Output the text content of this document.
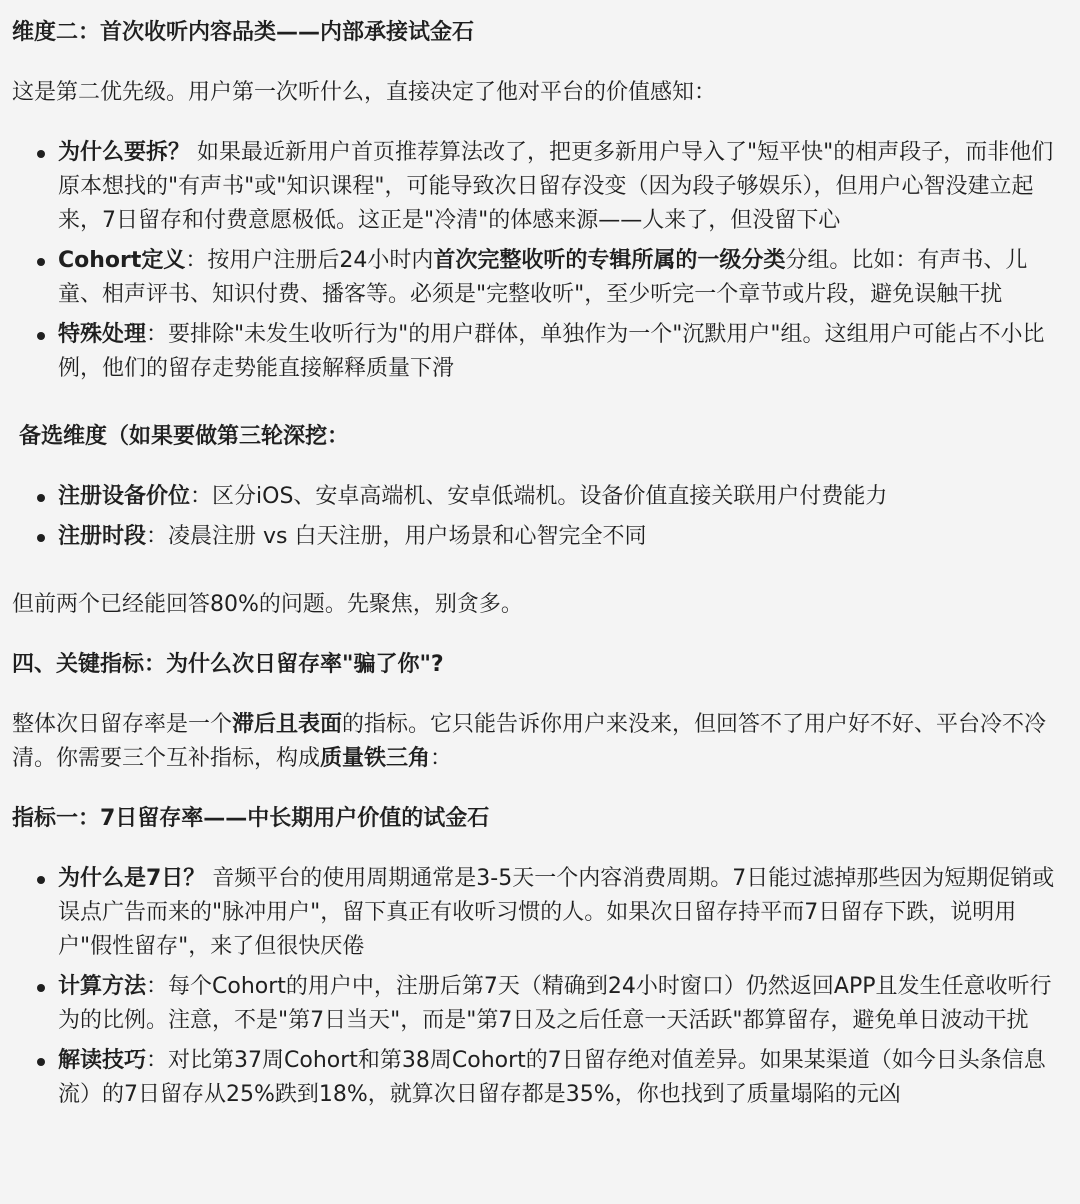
维度二：首次收听内容品类——内部承接试金石

这是第二优先级。用户第一次听什么，直接决定了他对平台的价值感知：

为什么要拆？ 如果最近新用户首页推荐算法改了，把更多新用户导入了"短平快"的相声段子，而非他们原本想找的"有声书"或"知识课程"，可能导致次日留存没变（因为段子够娱乐），但用户心智没建立起来，7日留存和付费意愿极低。这正是"冷清"的体感来源——人来了，但没留下心
Cohort定义：按用户注册后24小时内首次完整收听的专辑所属的一级分类分组。比如：有声书、儿童、相声评书、知识付费、播客等。必须是"完整收听"，至少听完一个章节或片段，避免误触干扰
特殊处理：要排除"未发生收听行为"的用户群体，单独作为一个"沉默用户"组。这组用户可能占不小比例，他们的留存走势能直接解释质量下滑
备选维度（如果要做第三轮深挖：
注册设备价位：区分iOS、安卓高端机、安卓低端机。设备价值直接关联用户付费能力
注册时段：凌晨注册 vs 白天注册，用户场景和心智完全不同

但前两个已经能回答80%的问题。先聚焦，别贪多。

四、关键指标：为什么次日留存率"骗了你"?

整体次日留存率是一个滞后且表面的指标。它只能告诉你用户来没来，但回答不了用户好不好、平台冷不冷清。你需要三个互补指标，构成质量铁三角：

指标一：7日留存率——中长期用户价值的试金石
为什么是7日？ 音频平台的使用周期通常是3-5天一个内容消费周期。7日能过滤掉那些因为短期促销或误点广告而来的"脉冲用户"，留下真正有收听习惯的人。如果次日留存持平而7日留存下跌，说明用户"假性留存"，来了但很快厌倦
计算方法：每个Cohort的用户中，注册后第7天（精确到24小时窗口）仍然返回APP且发生任意收听行为的比例。注意，不是"第7日当天"，而是"第7日及之后任意一天活跃"都算留存，避免单日波动干扰
解读技巧：对比第37周Cohort和第38周Cohort的7日留存绝对值差异。如果某渠道（如今日头条信息流）的7日留存从25%跌到18%，就算次日留存都是35%，你也找到了质量塌陷的元凶
